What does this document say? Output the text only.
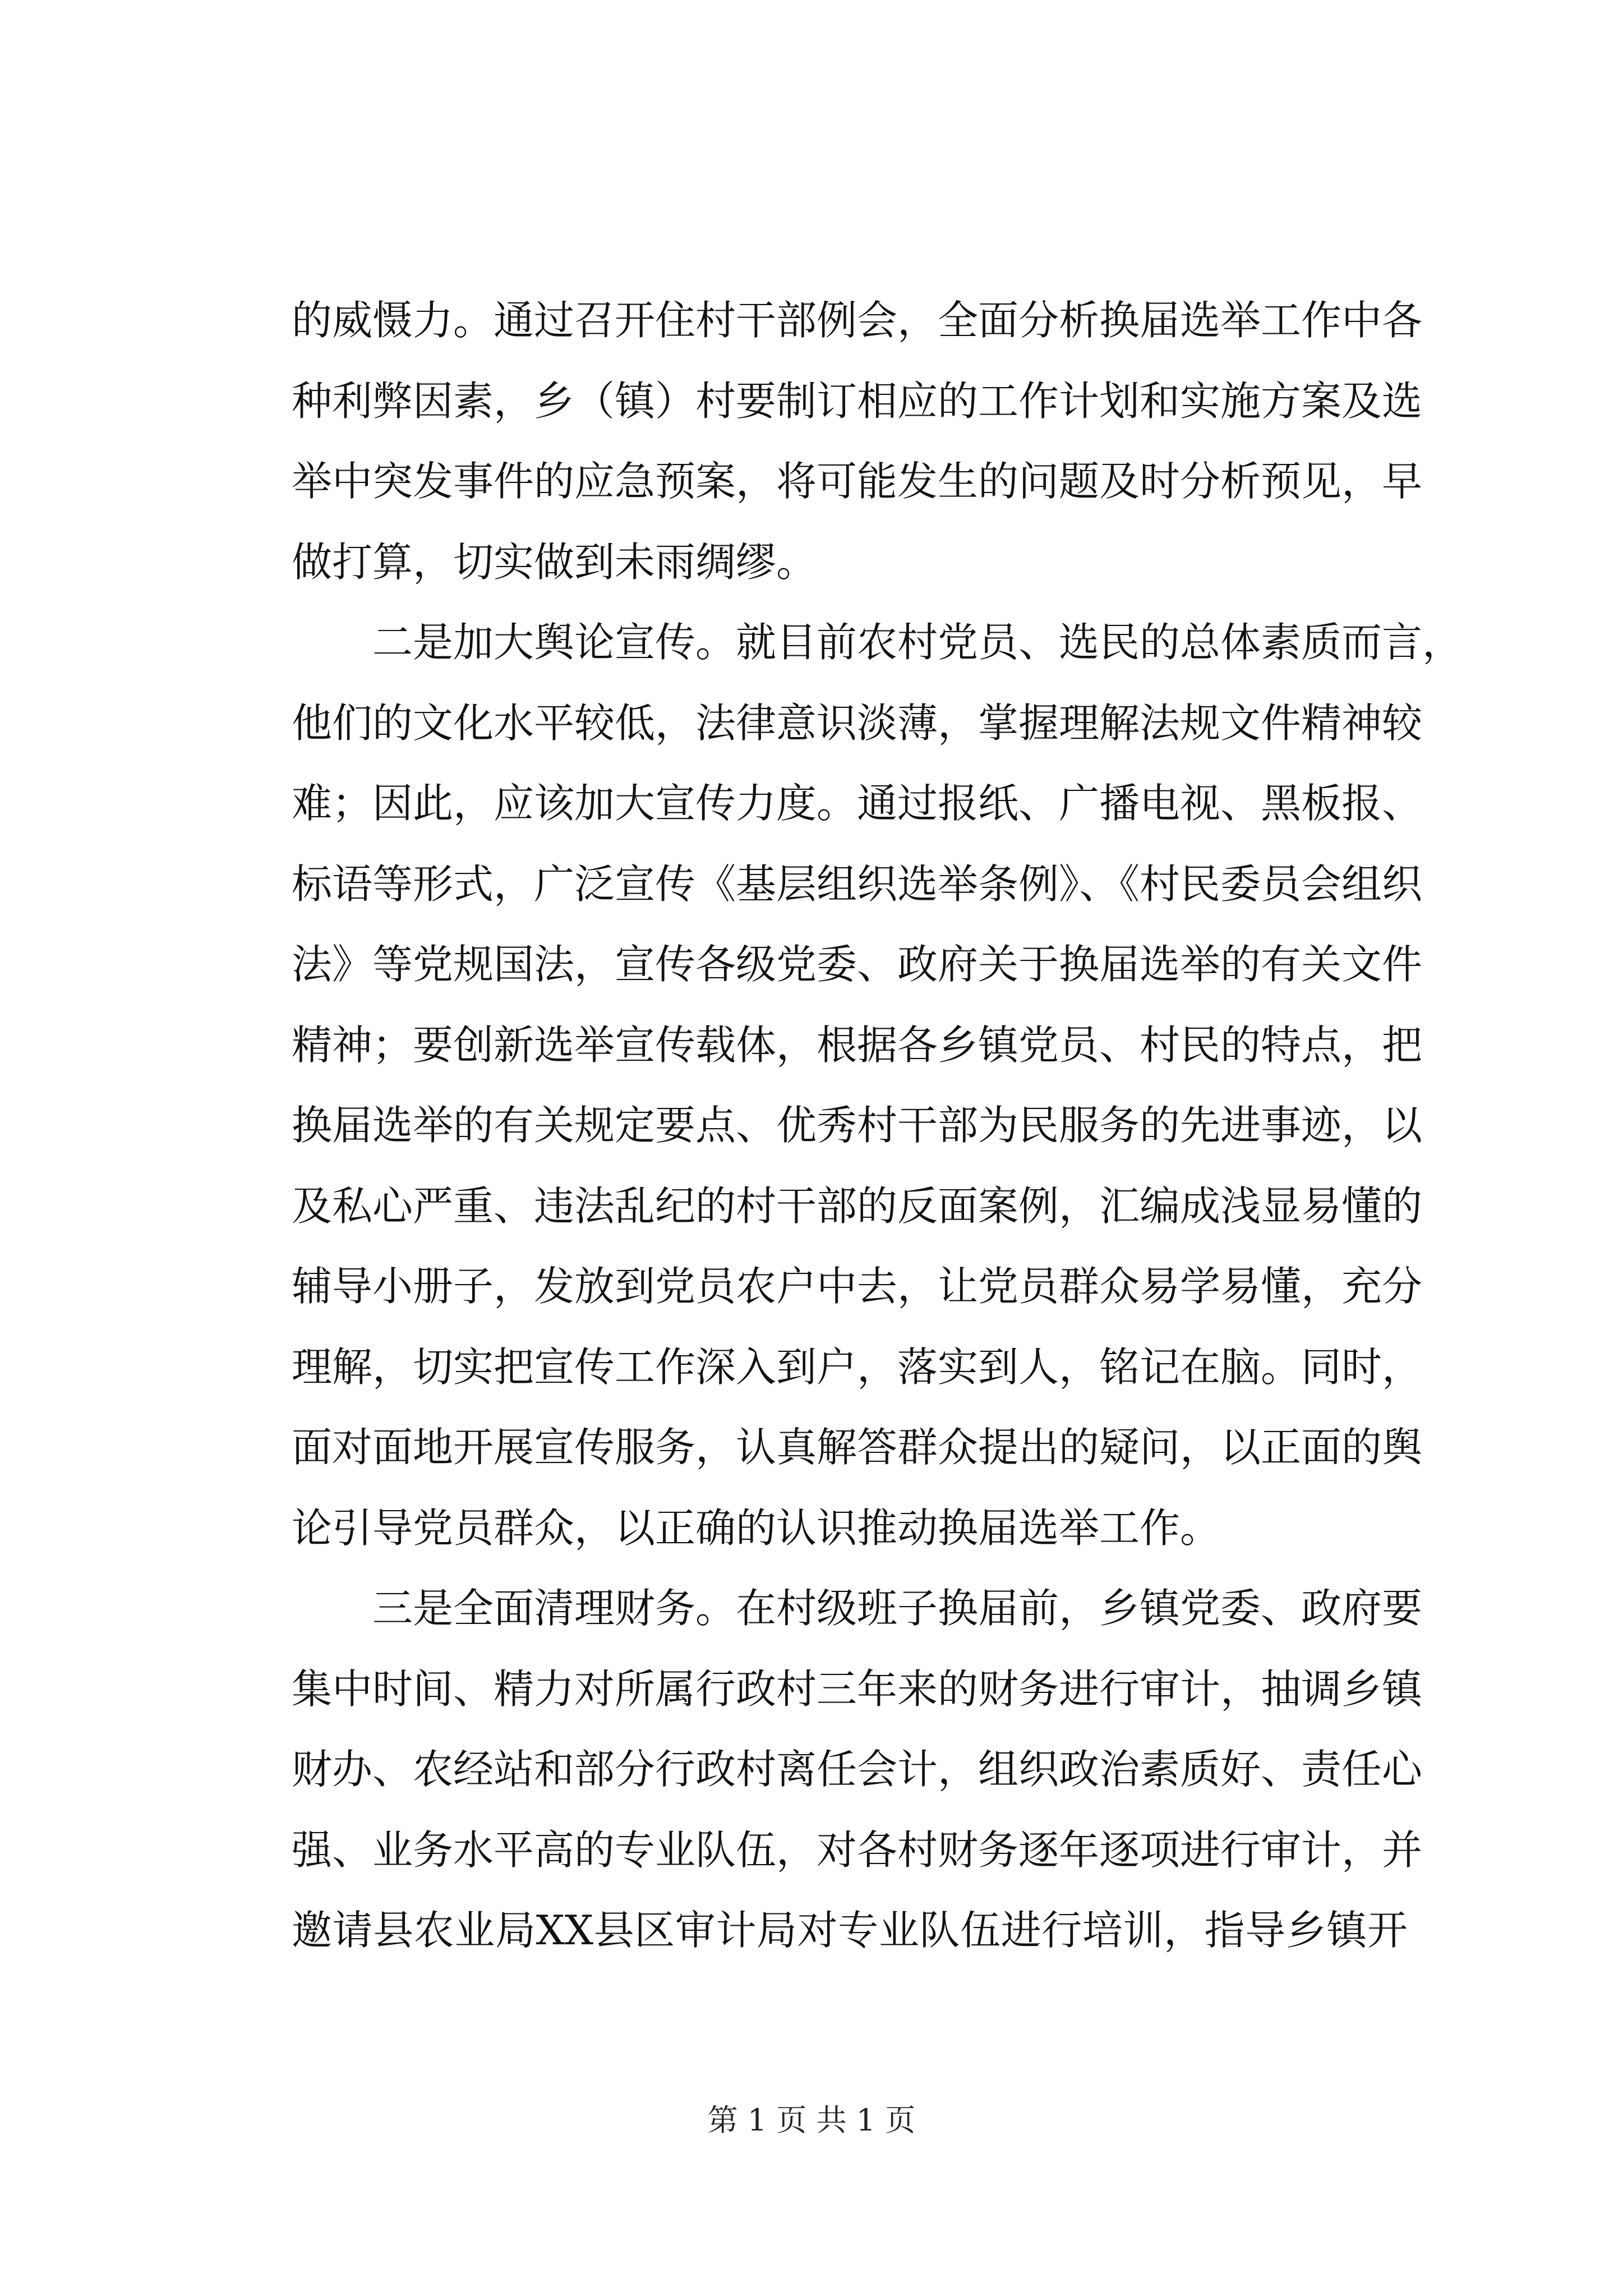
的威慑力。通过召开住村干部例会，全面分析换届选举工作中各
种利弊因素，乡（镇）村要制订相应的工作计划和实施方案及选
举中突发事件的应急预案，将可能发生的问题及时分析预见，早
做打算，切实做到未雨绸缪。
　　二是加大舆论宣传。就目前农村党员、选民的总体素质而言，
他们的文化水平较低，法律意识淡薄，掌握理解法规文件精神较
难；因此，应该加大宣传力度。通过报纸、广播电视、黑板报、
标语等形式，广泛宣传《基层组织选举条例》、《村民委员会组织
法》等党规国法，宣传各级党委、政府关于换届选举的有关文件
精神；要创新选举宣传载体，根据各乡镇党员、村民的特点，把
换届选举的有关规定要点、优秀村干部为民服务的先进事迹，以
及私心严重、违法乱纪的村干部的反面案例，汇编成浅显易懂的
辅导小册子，发放到党员农户中去，让党员群众易学易懂，充分
理解，切实把宣传工作深入到户，落实到人，铭记在脑。同时，
面对面地开展宣传服务，认真解答群众提出的疑问，以正面的舆
论引导党员群众，以正确的认识推动换届选举工作。
　　三是全面清理财务。在村级班子换届前，乡镇党委、政府要
集中时间、精力对所属行政村三年来的财务进行审计，抽调乡镇
财办、农经站和部分行政村离任会计，组织政治素质好、责任心
强、业务水平高的专业队伍，对各村财务逐年逐项进行审计，并
邀请县农业局XX县区审计局对专业队伍进行培训，指导乡镇开
第 1 页 共 1 页
